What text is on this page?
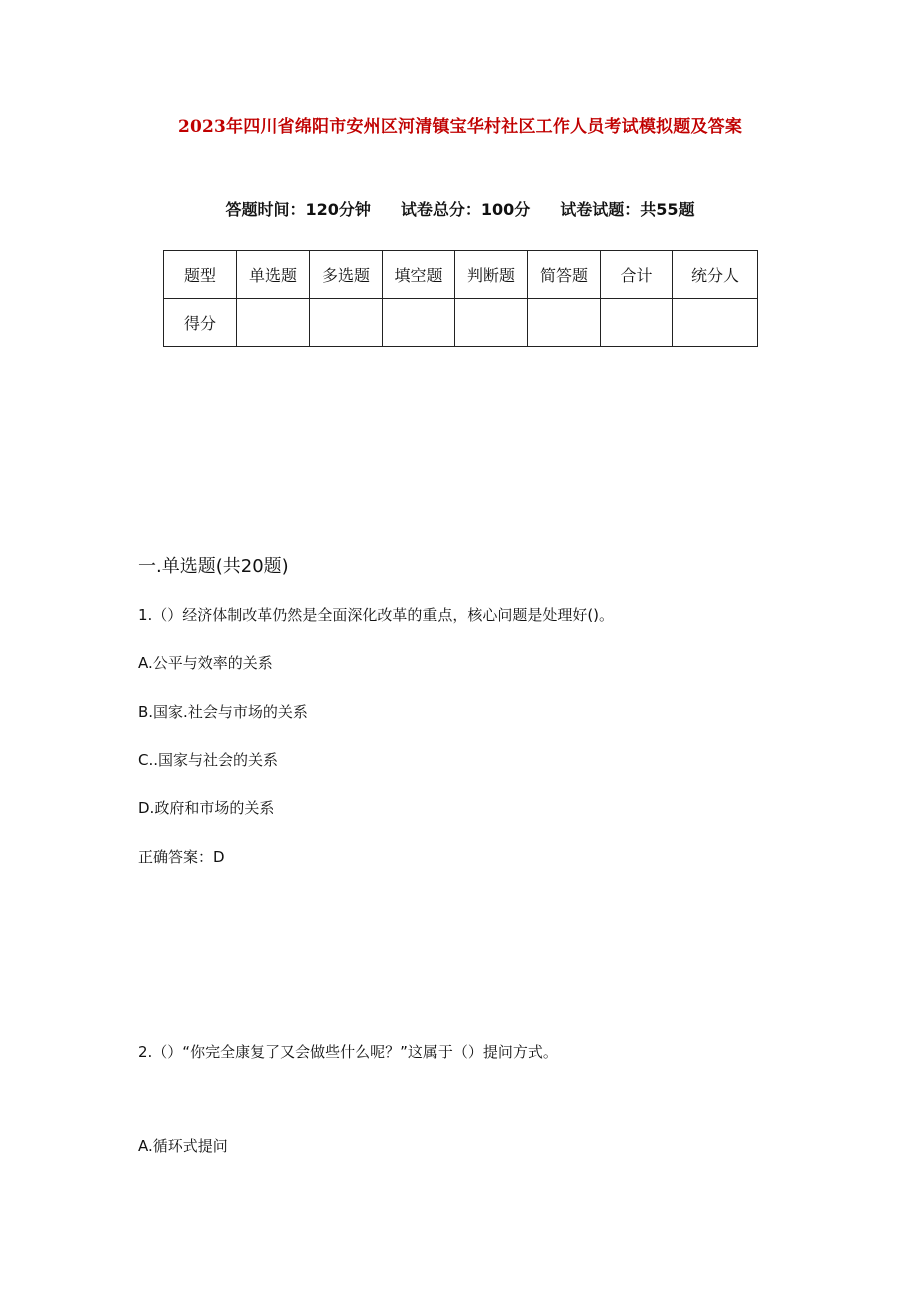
2023年四川省绵阳市安州区河清镇宝华村社区工作人员考试模拟题及答案
答题时间：120分钟 试卷总分：100分 试卷试题：共55题
题型	单选题	多选题	填空题	判断题	简答题	合计	统分人
得分							
一.单选题(共20题)
1.（）经济体制改革仍然是全面深化改革的重点，核心问题是处理好()。
A.公平与效率的关系
B.国家.社会与市场的关系
C..国家与社会的关系
D.政府和市场的关系
正确答案：D
2.（）“你完全康复了又会做些什么呢？”这属于（）提问方式。
A.循环式提问
